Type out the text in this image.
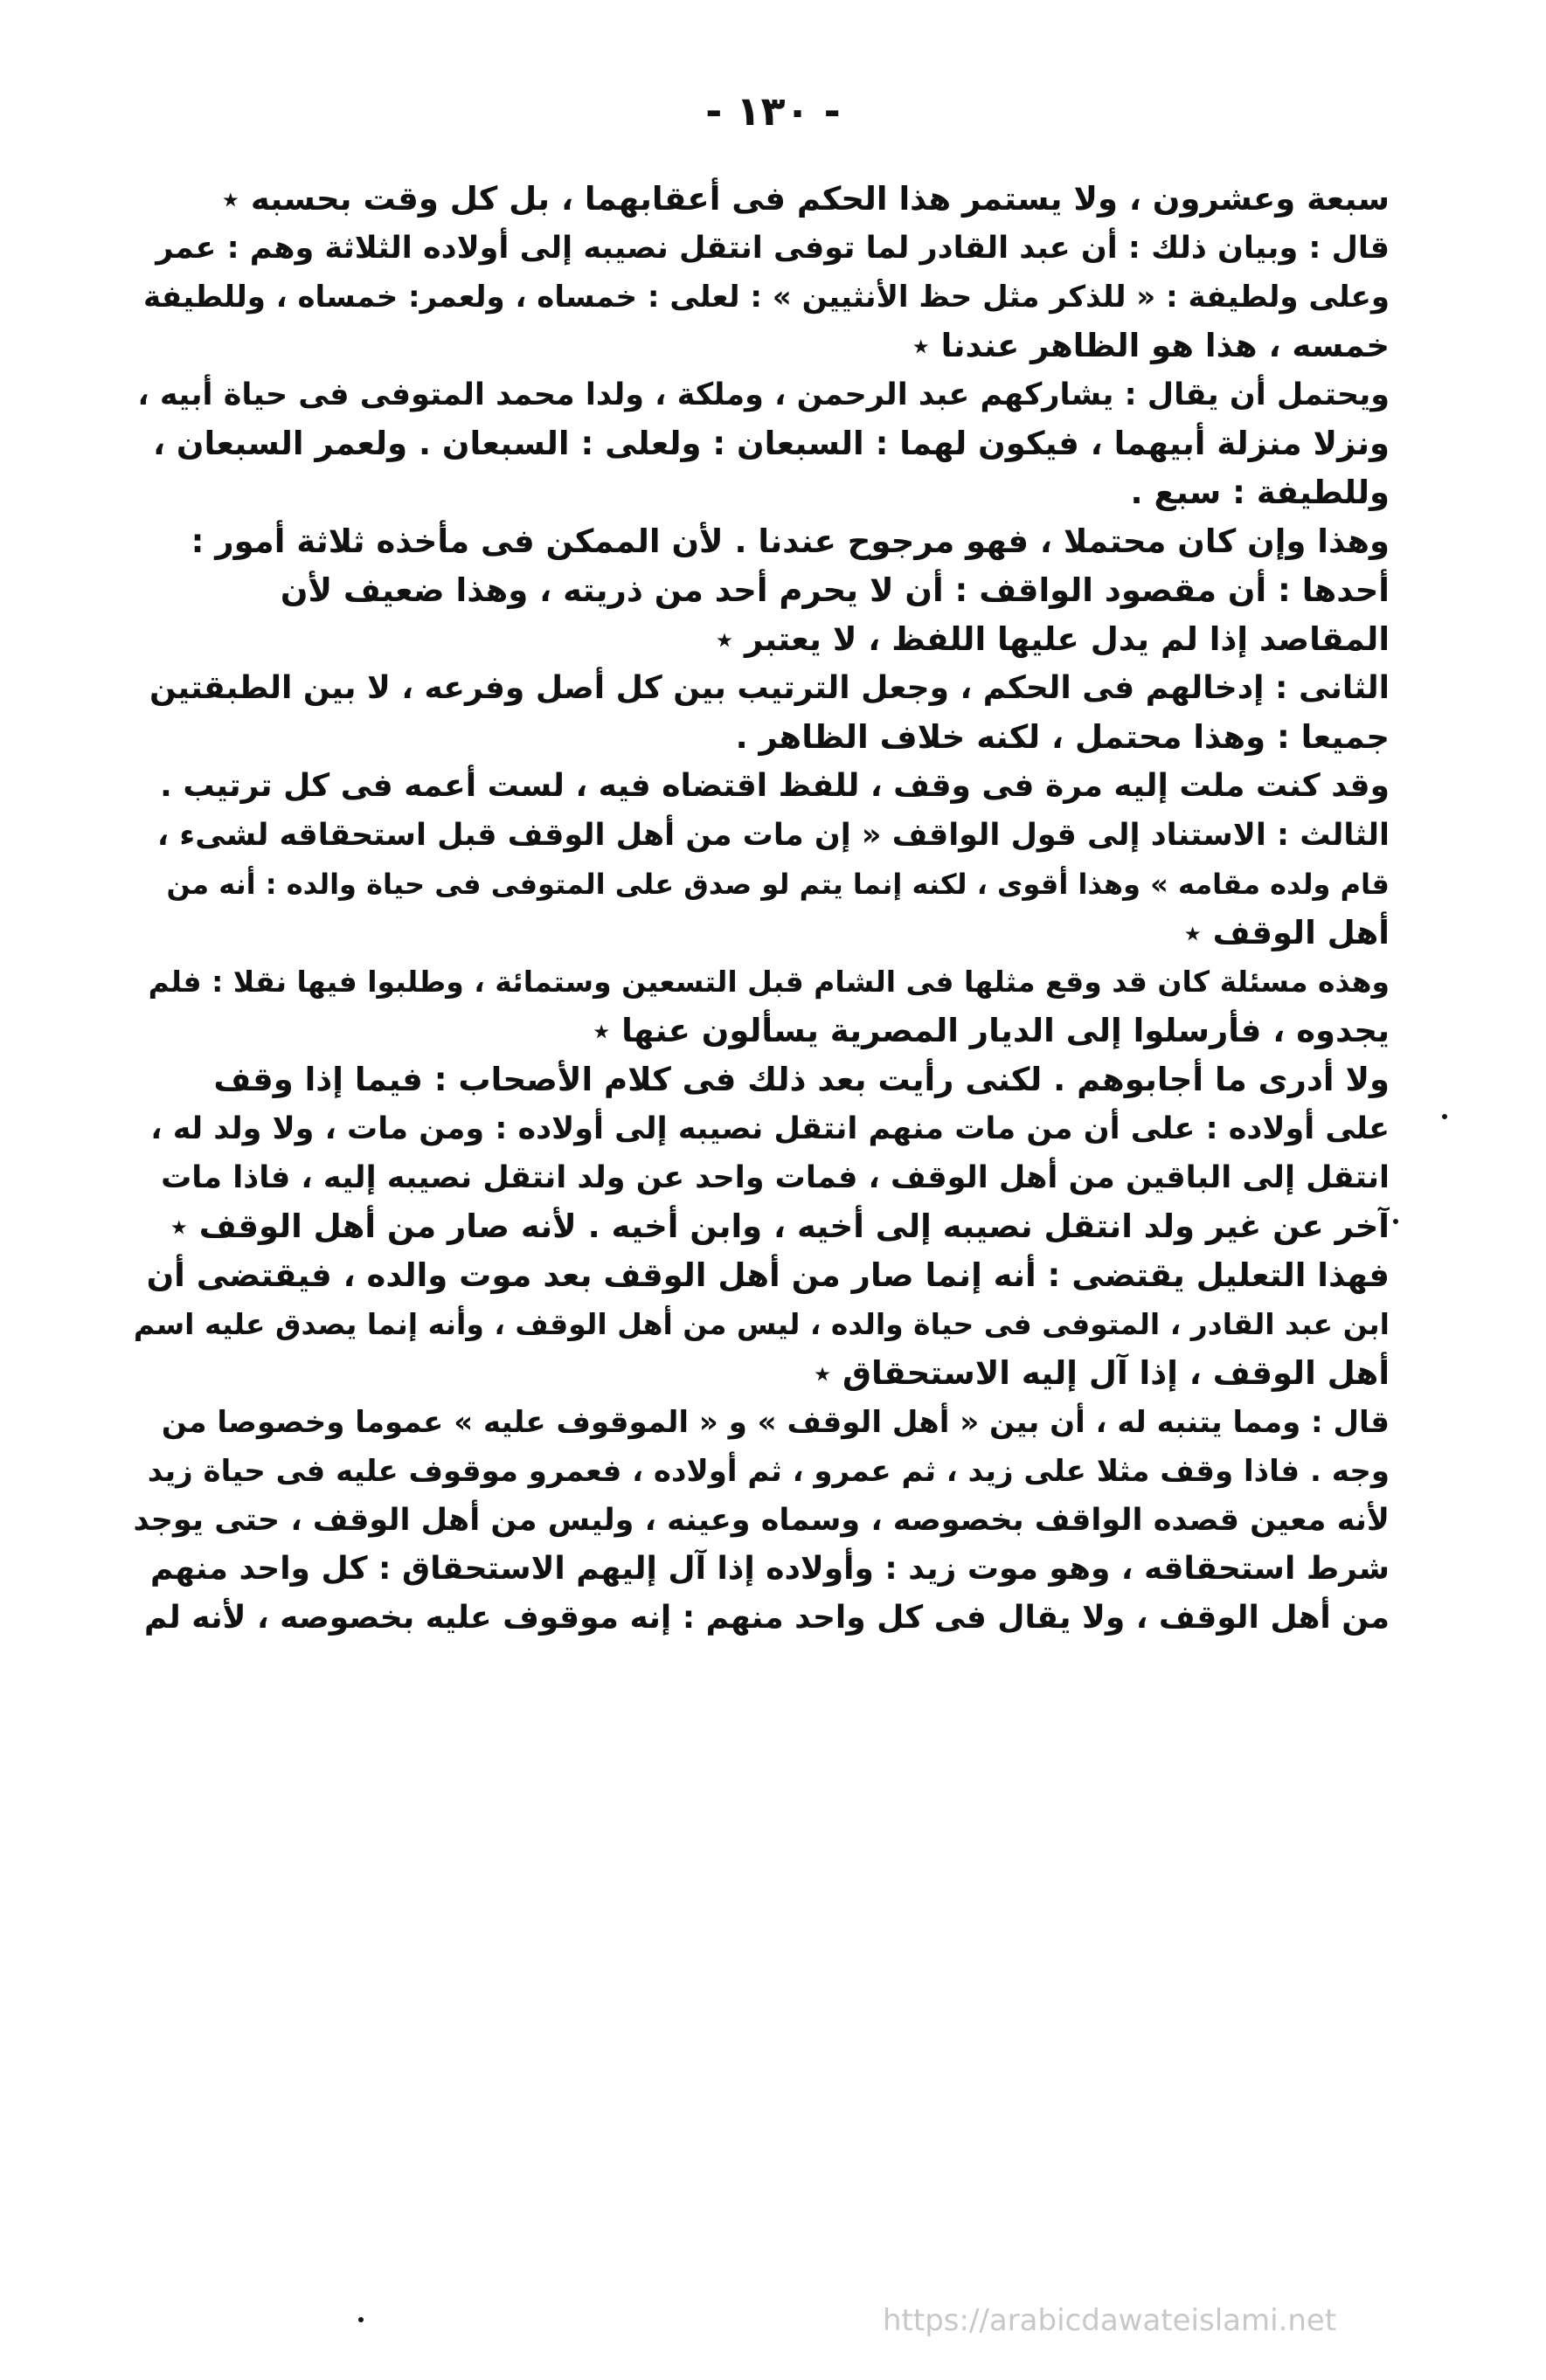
- ١٣٠ -
سبعة وعشرون ، ولا يستمر هذا الحكم فى أعقابهما ، بل كل وقت بحسبه ٭
قال : وبيان ذلك : أن عبد القادر لما توفى انتقل نصيبه إلى أولاده الثلاثة وهم : عمر
وعلى ولطيفة : « للذكر مثل حظ الأنثيين » : لعلى : خمساه ، ولعمر: خمساه ، وللطيفة
خمسه ، هذا هو الظاهر عندنا ٭
ويحتمل أن يقال : يشاركهم عبد الرحمن ، وملكة ، ولدا محمد المتوفى فى حياة أبيه ،
ونزلا منزلة أبيهما ، فيكون لهما : السبعان : ولعلى : السبعان . ولعمر السبعان ،
وللطيفة : سبع .
وهذا وإن كان محتملا ، فهو مرجوح عندنا . لأن الممكن فى مأخذه ثلاثة أمور :
أحدها : أن مقصود الواقف : أن لا يحرم أحد من ذريته ، وهذا ضعيف لأن
المقاصد إذا لم يدل عليها اللفظ ، لا يعتبر ٭
الثانى : إدخالهم فى الحكم ، وجعل الترتيب بين كل أصل وفرعه ، لا بين الطبقتين
جميعا : وهذا محتمل ، لكنه خلاف الظاهر .
وقد كنت ملت إليه مرة فى وقف ، للفظ اقتضاه فيه ، لست أعمه فى كل ترتيب .
الثالث : الاستناد إلى قول الواقف « إن مات من أهل الوقف قبل استحقاقه لشىء ،
قام ولده مقامه » وهذا أقوى ، لكنه إنما يتم لو صدق على المتوفى فى حياة والده : أنه من
أهل الوقف ٭
وهذه مسئلة كان قد وقع مثلها فى الشام قبل التسعين وستمائة ، وطلبوا فيها نقلا : فلم
يجدوه ، فأرسلوا إلى الديار المصرية يسألون عنها ٭
ولا أدرى ما أجابوهم . لكنى رأيت بعد ذلك فى كلام الأصحاب : فيما إذا وقف
على أولاده : على أن من مات منهم انتقل نصيبه إلى أولاده : ومن مات ، ولا ولد له ،
انتقل إلى الباقين من أهل الوقف ، فمات واحد عن ولد انتقل نصيبه إليه ، فاذا مات
آخر عن غير ولد انتقل نصيبه إلى أخيه ، وابن أخيه . لأنه صار من أهل الوقف ٭
فهذا التعليل يقتضى : أنه إنما صار من أهل الوقف بعد موت والده ، فيقتضى أن
ابن عبد القادر ، المتوفى فى حياة والده ، ليس من أهل الوقف ، وأنه إنما يصدق عليه اسم
أهل الوقف ، إذا آل إليه الاستحقاق ٭
قال : ومما يتنبه له ، أن بين « أهل الوقف » و « الموقوف عليه » عموما وخصوصا من
وجه . فاذا وقف مثلا على زيد ، ثم عمرو ، ثم أولاده ، فعمرو موقوف عليه فى حياة زيد
لأنه معين قصده الواقف بخصوصه ، وسماه وعينه ، وليس من أهل الوقف ، حتى يوجد
شرط استحقاقه ، وهو موت زيد : وأولاده إذا آل إليهم الاستحقاق : كل واحد منهم
من أهل الوقف ، ولا يقال فى كل واحد منهم : إنه موقوف عليه بخصوصه ، لأنه لم
https://arabicdawateislami.net
